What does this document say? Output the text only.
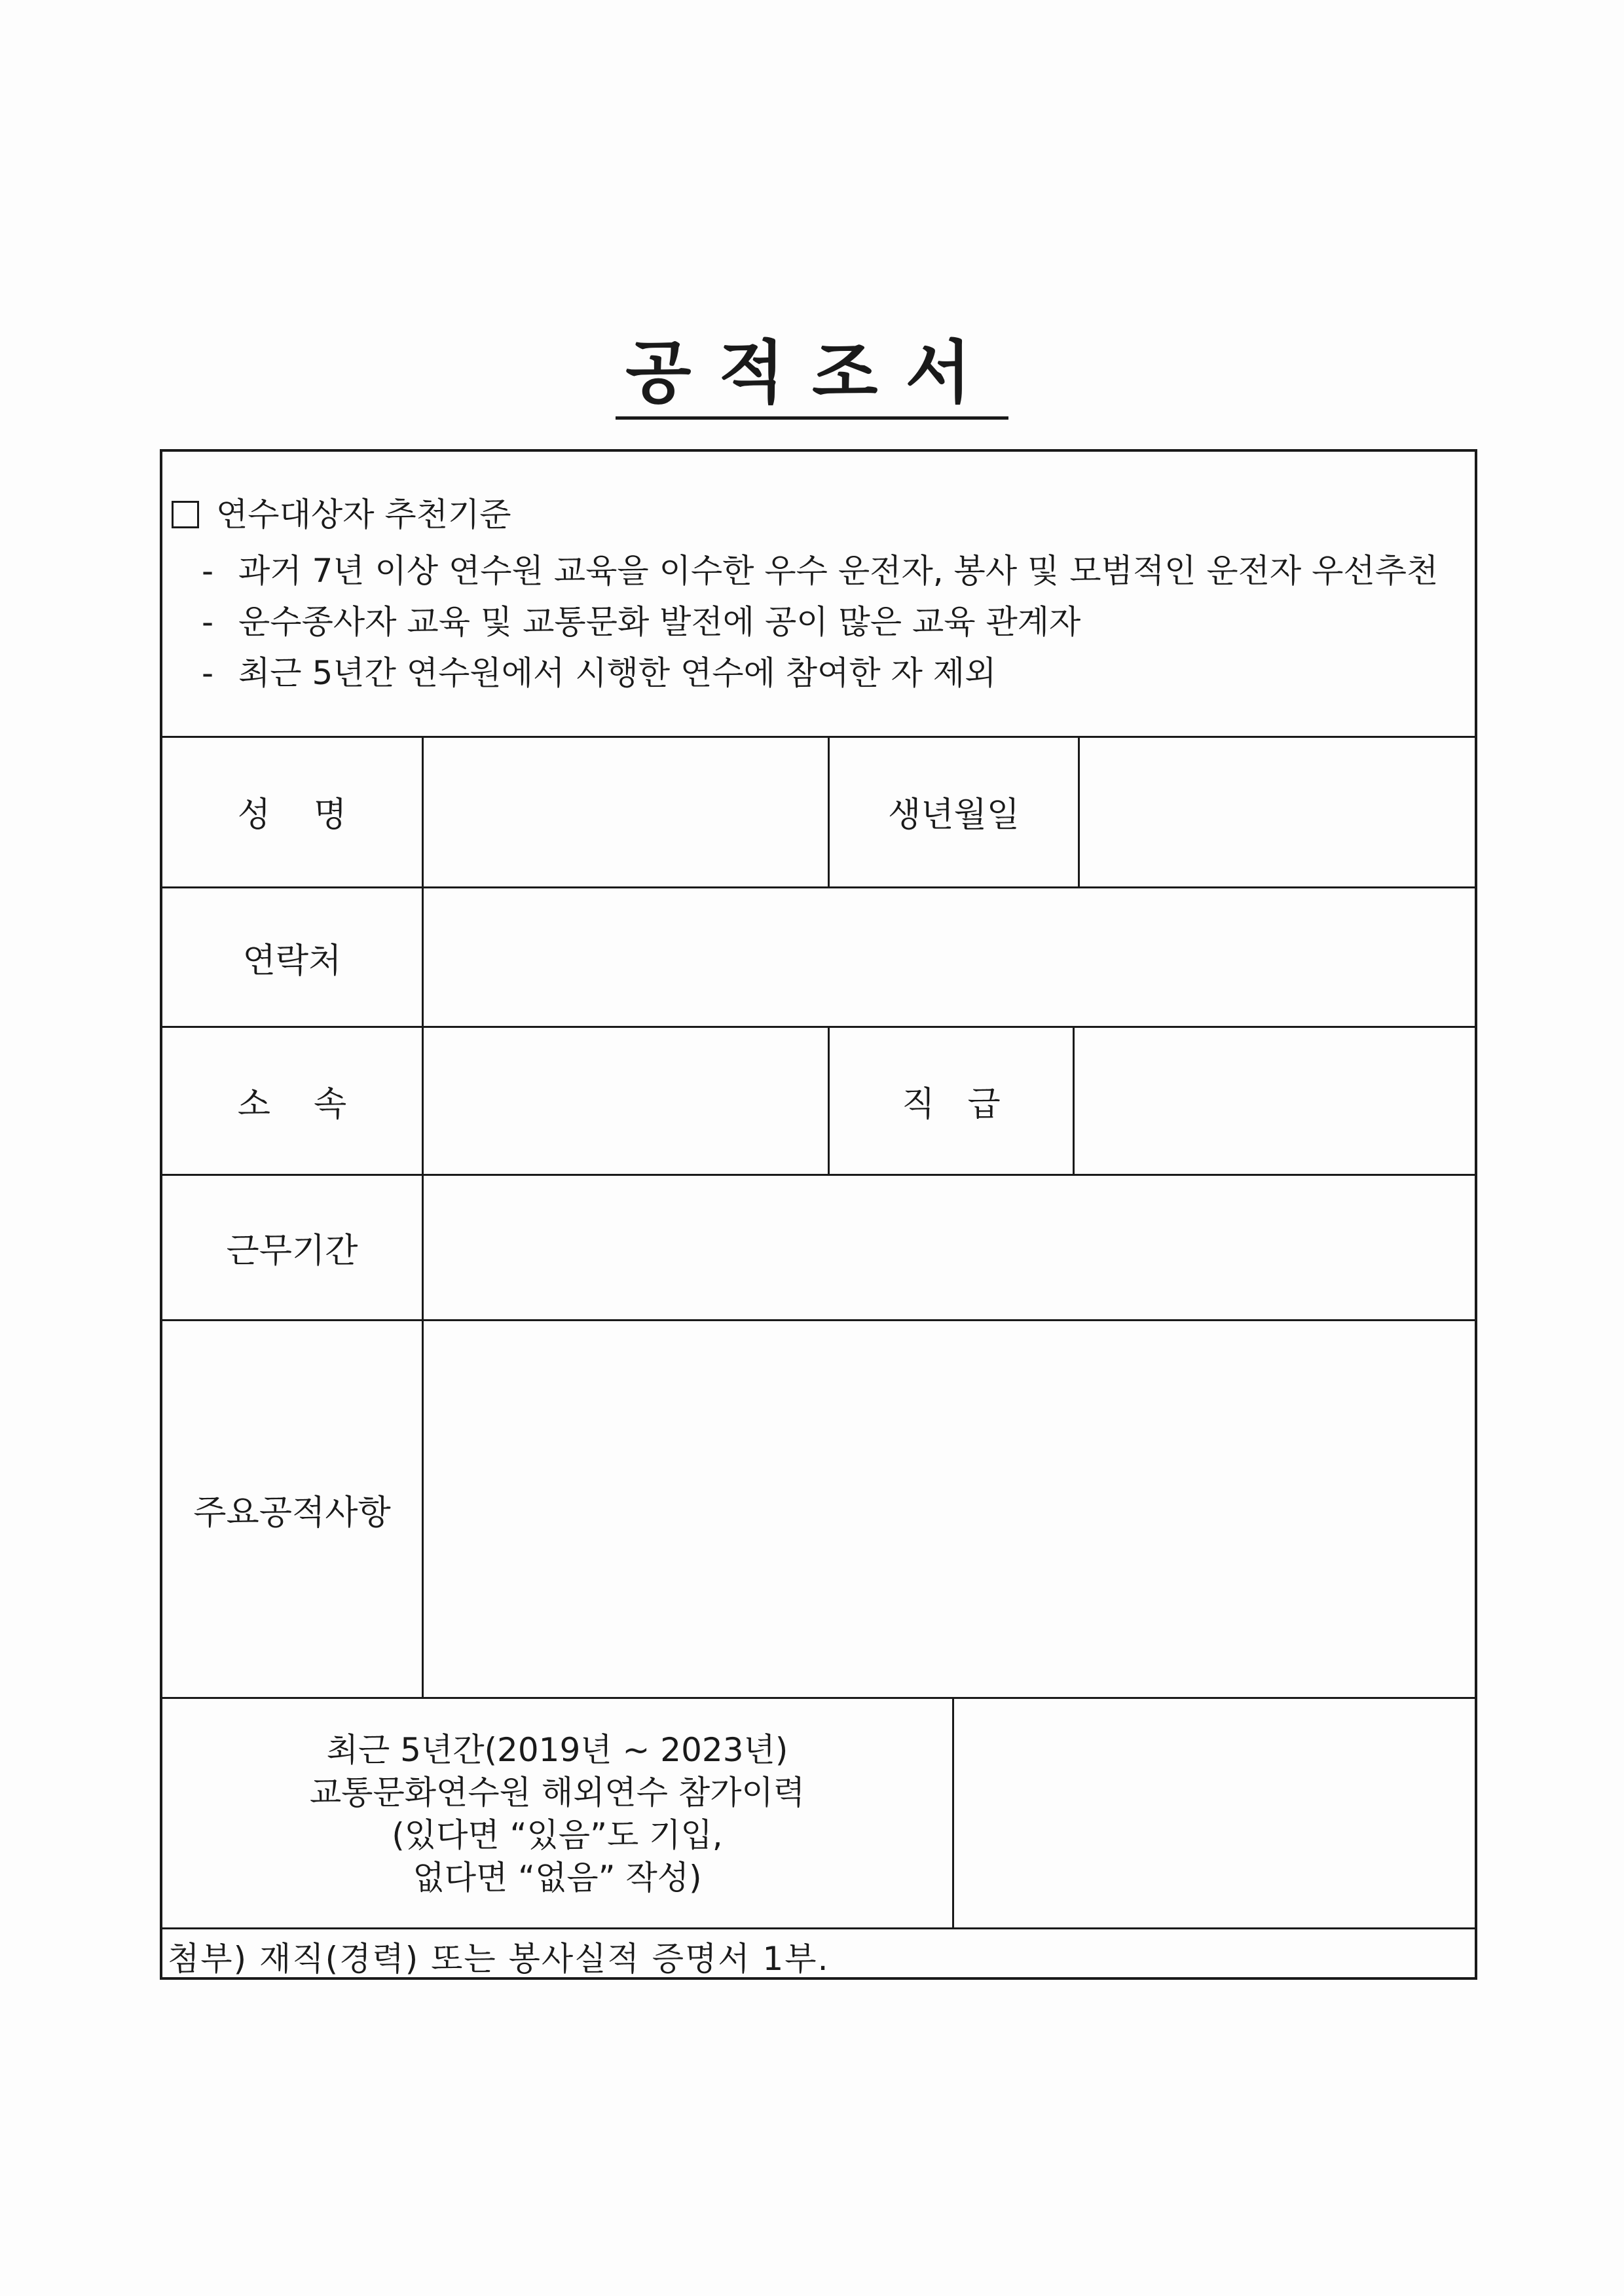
공적조서
연수대상자 추천기준
- 과거 7년 이상 연수원 교육을 이수한 우수 운전자, 봉사 및 모범적인 운전자 우선추천
- 운수종사자 교육 및 교통문화 발전에 공이 많은 교육 관계자
- 최근 5년간 연수원에서 시행한 연수에 참여한 자 제외
성명	생년월일
연락처
소속	직급
근무기간
주요공적사항
최근 5년간(2019년 ~ 2023년)
교통문화연수원 해외연수 참가이력
(있다면 “있음”도 기입,
없다면 “없음” 작성)
첨부) 재직(경력) 또는 봉사실적 증명서 1부.
